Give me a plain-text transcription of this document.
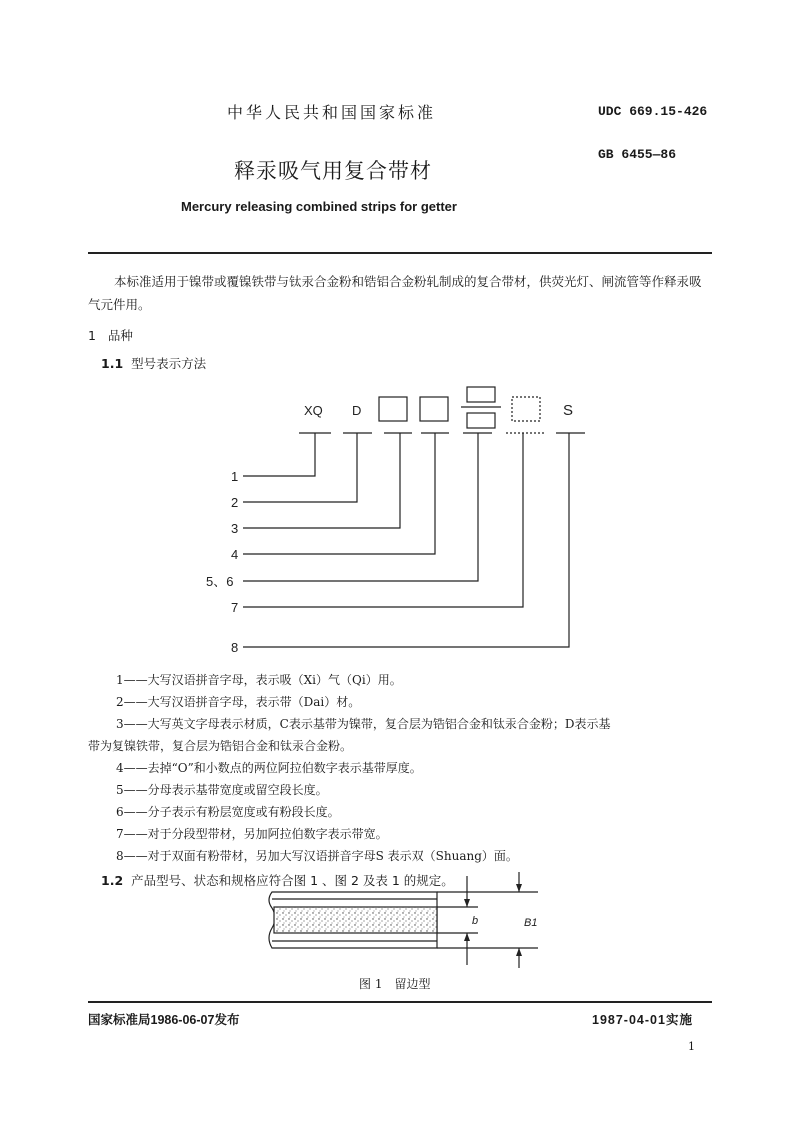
中华人民共和国国家标准	UDC 669.15-426
GB 6455—86
释汞吸气用复合带材
Mercury releasing combined strips for getter
本标准适用于镍带或覆镍铁带与钛汞合金粉和锆铝合金粉轧制成的复合带材，供荧光灯、闸流管等作释汞吸气元件用。
1 品种
1.1 型号表示方法
XQ D	S
1
2
3
4
5、6
7
8
1——大写汉语拼音字母，表示吸（Xi）气（Qi）用。
2——大写汉语拼音字母，表示带（Dai）材。
3——大写英文字母表示材质，C表示基带为镍带，复合层为锆铝合金和钛汞合金粉；D表示基
带为复镍铁带，复合层为锆铝合金和钛汞合金粉。
4——去掉“O”和小数点的两位阿拉伯数字表示基带厚度。
5——分母表示基带宽度或留空段长度。
6——分子表示有粉层宽度或有粉段长度。
7——对于分段型带材，另加阿拉伯数字表示带宽。
8——对于双面有粉带材，另加大写汉语拼音字母S 表示双（Shuang）面。
1.2 产品型号、状态和规格应符合图 1 、图 2 及表 1 的规定。
b	B1
图 1　留边型
国家标准局1986-06-07发布	1987-04-01实施
1
